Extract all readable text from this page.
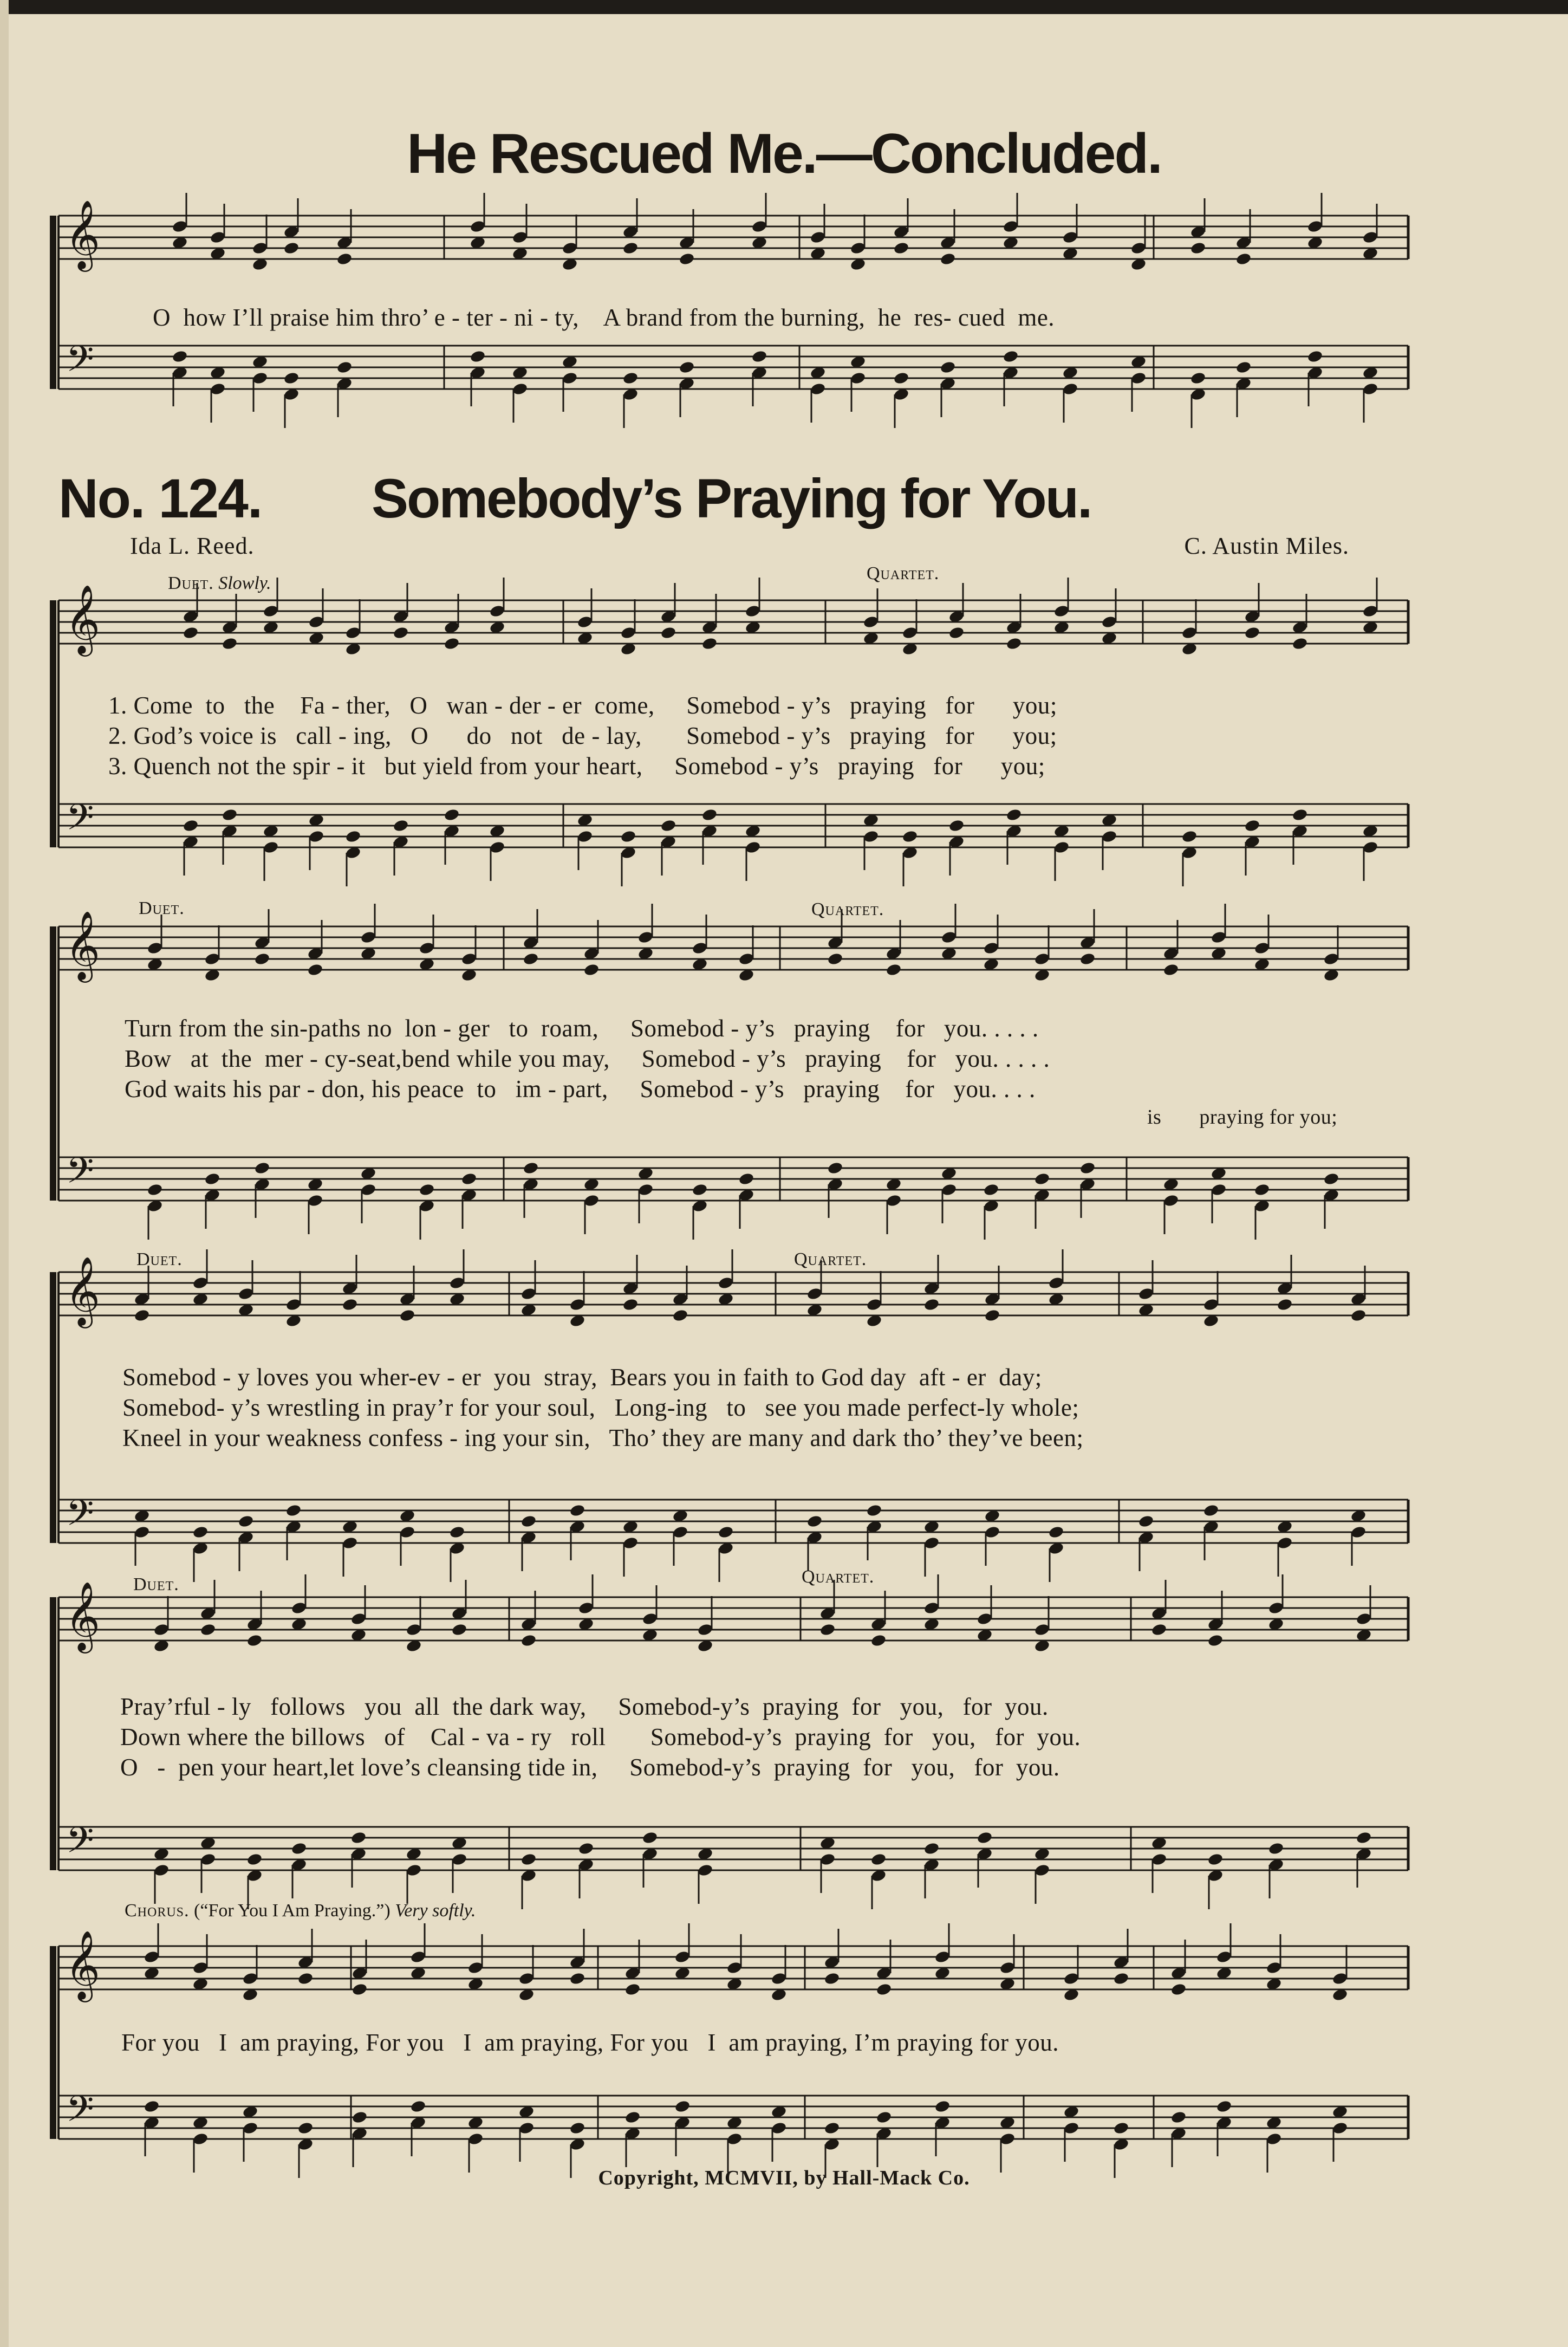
𝄞
𝄢
𝄞
𝄢
𝄞
𝄢
𝄞
𝄢
𝄞
𝄢
𝄞
𝄢
He Rescued Me.—Concluded.
O  how I’ll praise him thro’ e - ter - ni - ty,    A brand from the burning,  he  res- cued  me.
No. 124. Somebody’s Praying for You.
Ida L. Reed.	C. Austin Miles.
Duet. Slowly.	Quartet.
1. Come  to   the    Fa - ther,   O   wan - der - er  come,     Somebod - y’s   praying   for      you;
2. God’s voice is   call - ing,   O      do   not   de - lay,       Somebod - y’s   praying   for      you;
3. Quench not the spir - it   but yield from your heart,     Somebod - y’s   praying   for      you;
Duet.	Quartet.
Turn from the sin-paths no  lon - ger   to  roam,     Somebod - y’s   praying    for   you. . . . .
Bow   at  the  mer - cy-seat,bend while you may,     Somebod - y’s   praying    for   you. . . . .
God waits his par - don, his peace  to   im - part,     Somebod - y’s   praying    for   you. . . .
is       praying for you;
Duet.	Quartet.
Somebod - y loves you wher-ev - er  you  stray,  Bears you in faith to God day  aft - er  day;
Somebod- y’s wrestling in pray’r for your soul,   Long-ing   to   see you made perfect-ly whole;
Kneel in your weakness confess - ing your sin,   Tho’ they are many and dark tho’ they’ve been;
Duet.	Quartet.
Pray’rful - ly   follows   you  all  the dark way,     Somebod-y’s  praying  for   you,   for  you.
Down where the billows   of    Cal - va - ry   roll       Somebod-y’s  praying  for   you,   for  you.
O   -  pen your heart,let love’s cleansing tide in,     Somebod-y’s  praying  for   you,   for  you.
Chorus. (“For You I Am Praying.”) Very softly.
For you   I  am praying, For you   I  am praying, For you   I  am praying, I’m praying for you.
Copyright, MCMVII, by Hall-Mack Co.
